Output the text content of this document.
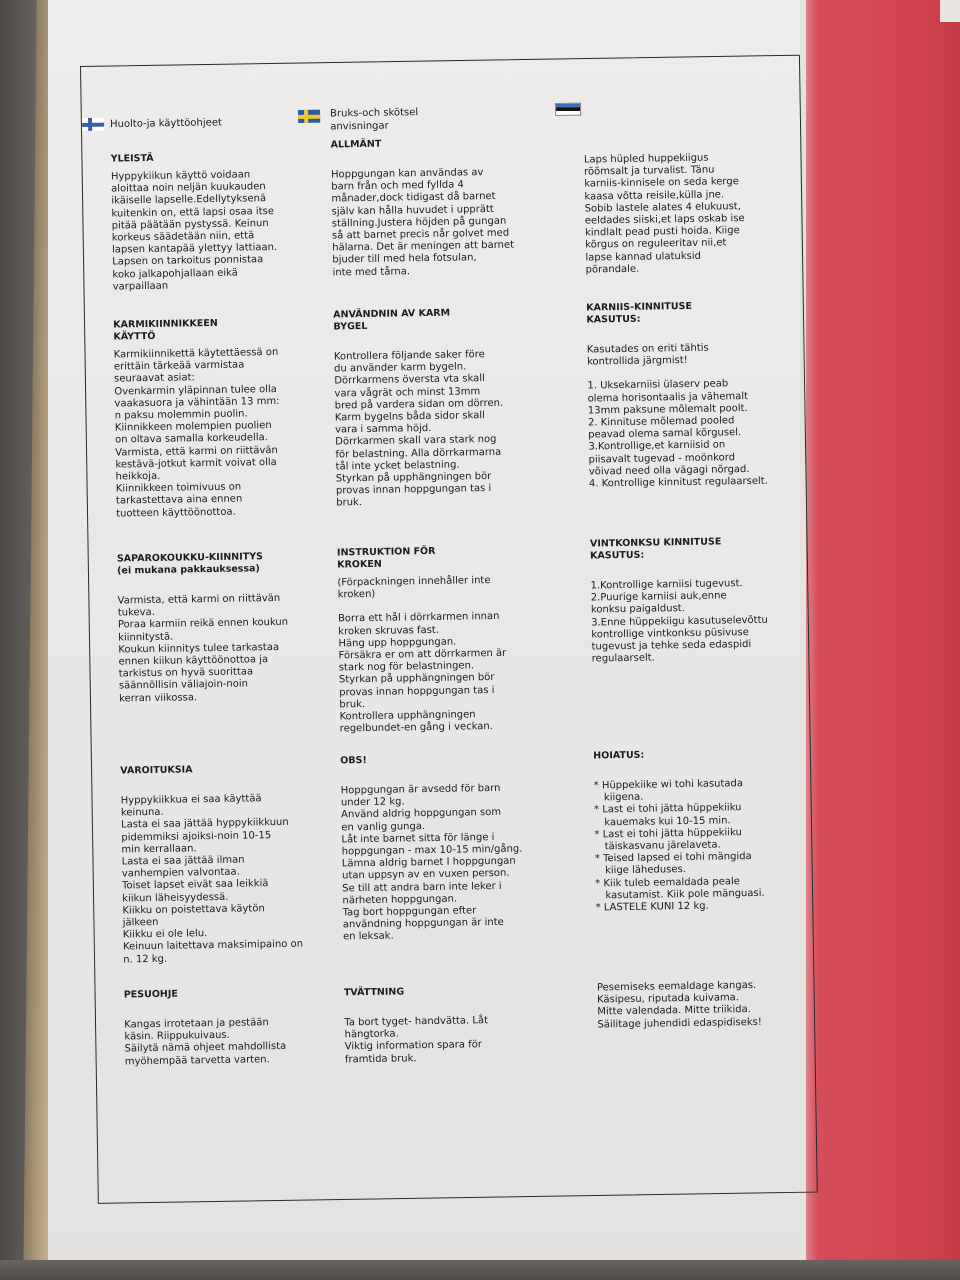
Huolto-ja käyttöohjeet
YLEISTÄ

Hyppykiikun käyttö voidaan

aloittaa noin neljän kuukauden

ikäiselle lapselle.Edellytyksenä

kuitenkin on, että lapsi osaa itse

pitää päätään pystyssä. Keinun

korkeus säädetään niin, että

lapsen kantapää ylettyy lattiaan.

Lapsen on tarkoitus ponnistaa

koko jalkapohjallaan eikä

varpaillaan

KARMIKIINNIKKEEN
KÄYTTÖ

Karmikiinnikettä käytettäessä on

erittäin tärkeää varmistaa

seuraavat asiat:

Ovenkarmin yläpinnan tulee olla

vaakasuora ja vähintään 13 mm:

n paksu molemmin puolin.

Kiinnikkeen molempien puolien

on oltava samalla korkeudella.

Varmista, että karmi on riittävän

kestävä-jotkut karmit voivat olla

heikkoja.

Kiinnikkeen toimivuus on

tarkastettava aina ennen

tuotteen käyttöönottoa.

SAPAROKOUKKU-KIINNITYS
(ei mukana pakkauksessa)

Varmista, että karmi on riittävän

tukeva.

Poraa karmiin reikä ennen koukun

kiinnitystä.

Koukun kiinnitys tulee tarkastaa

ennen kiikun käyttöönottoa ja

tarkistus on hyvä suorittaa

säännöllisin väliajoin-noin

kerran viikossa.

VAROITUKSIA

Hyppykiikkua ei saa käyttää

keinuna.

Lasta ei saa jättää hyppykiikkuun

pidemmiksi ajoiksi-noin 10-15

min kerrallaan.

Lasta ei saa jättää ilman

vanhempien valvontaa.

Toiset lapset eivät saa leikkiä

kiikun läheisyydessä.

Kiikku on poistettava käytön

jälkeen

Kiikku ei ole lelu.

Keinuun laitettava maksimipaino on

n. 12 kg.

PESUOHJE

Kangas irrotetaan ja pestään

käsin. Riippukuivaus.

Säilytä nämä ohjeet mahdollista

myöhempää tarvetta varten.

Bruks-och skötsel
anvisningar
ALLMÄNT

Hoppgungan kan användas av

barn från och med fyllda 4

månader,dock tidigast då barnet

själv kan hålla huvudet i upprätt

ställning.Justera höjden på gungan

så att barnet precis når golvet med

hälarna. Det är meningen att barnet

bjuder till med hela fotsulan,

inte med tårna.

ANVÄNDNIN AV KARM
BYGEL

Kontrollera följande saker före

du använder karm bygeln.

Dörrkarmens översta vta skall

vara vågrät och minst 13mm

bred på vardera sidan om dörren.

Karm bygelns båda sidor skall

vara i samma höjd.

Dörrkarmen skall vara stark nog

för belastning. Alla dörrkarmarna

tål inte ycket belastning.

Styrkan på upphängningen bör

provas innan hoppgungan tas i

bruk.

INSTRUKTION FÖR
KROKEN

(Förpackningen innehåller inte

kroken)

Borra ett hål i dörrkarmen innan

kroken skruvas fast.

Häng upp hoppgungan.

Försäkra er om att dörrkarmen är

stark nog för belastningen.

Styrkan på upphängningen bör

provas innan hoppgungan tas i

bruk.

Kontrollera upphängningen

regelbundet-en gång i veckan.

OBS!

Hoppgungan är avsedd för barn

under 12 kg.

Använd aldrig hoppgungan som

en vanlig gunga.

Låt inte barnet sitta för länge i

hoppgungan - max 10-15 min/gång.

Lämna aldrig barnet I hoppgungan

utan uppsyn av en vuxen person.

Se till att andra barn inte leker i

närheten hoppgungan.

Tag bort hoppgungan efter

användning hoppgungan är inte

en leksak.

TVÄTTNING

Ta bort tyget- handvätta. Låt

hängtorka.

Viktig information spara för

framtida bruk.

Laps hüpled huppekiigus

rõõmsalt ja turvalist. Tänu

karniis-kinnisele on seda kerge

kaasa võtta reisile,külla jne.

Sobib lastele alates 4 elukuust,

eeldades siiski,et laps oskab ise

kindlalt pead pusti hoida. Kiige

kõrgus on reguleeritav nii,et

lapse kannad ulatuksid

põrandale.

KARNIIS-KINNITUSE
KASUTUS:

Kasutades on eriti tähtis

kontrollida järgmist!

1. Uksekarniisi ülaserv peab

olema horisontaalis ja vähemalt

13mm paksune mõlemalt poolt.

2. Kinnituse mõlemad pooled

peavad olema samal kõrgusel.

3.Kontrollige,et karniisid on

piisavalt tugevad - moönkord

võivad need olla vägagi nõrgad.

4. Kontrollige kinnitust regulaarselt.

VINTKONKSU KINNITUSE
KASUTUS:

1.Kontrollige karniisi tugevust.

2.Puurige karniisi auk,enne

konksu paigaldust.

3.Enne hüppekiigu kasutuselevõttu

kontrollige vintkonksu püsivuse

tugevust ja tehke seda edaspidi

regulaarselt.

HOIATUS:

* Hüppekiike wi tohi kasutada

kiigena.

* Last ei tohi jätta hüppekiiku

kauemaks kui 10-15 min.

* Last ei tohi jätta hüppekiiku

täiskasvanu järelaveta.

* Teised lapsed ei tohi mängida

kiige läheduses.

* Kiik tuleb eemaldada peale

kasutamist. Kiik pole mänguasi.

* LASTELE KUNI 12 kg.

Pesemiseks eemaldage kangas.

Käsipesu, riputada kuivama.

Mitte valendada. Mitte triikida.

Säilitage juhendidi edaspidiseks!
